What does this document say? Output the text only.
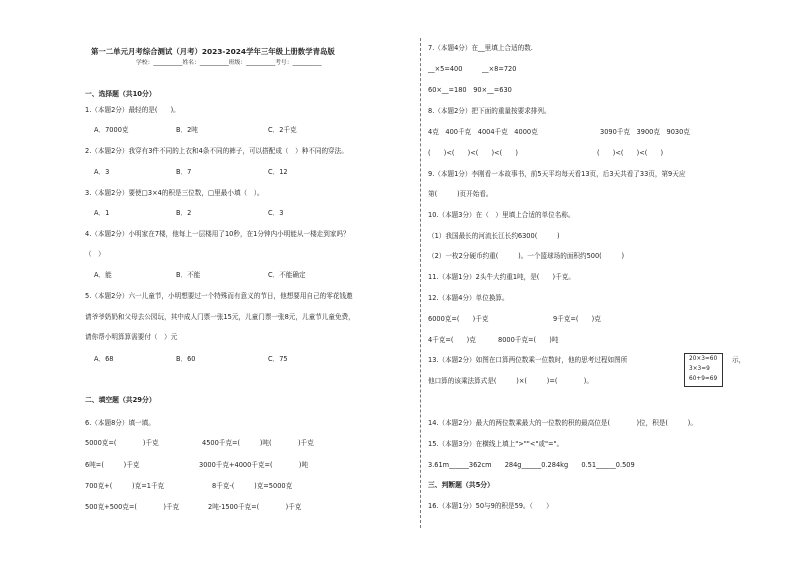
第一二单元月考综合测试（月考）2023-2024学年三年级上册数学青岛版
学校：__________姓名：__________班级：__________考号：__________
一、选择题（共10分）
1.（本题2分）最轻的是(　　)。
A．7000克	B．2吨	C．2千克
2.（本题2分）我穿有3件不同的上衣和4条不同的裤子，可以搭配成（　）种不同的穿法。
A．3	B．7	C．12
3.（本题2分）要使□3×4的积是三位数，□里最小填（　）。
A．1	B．2	C．3
4.（本题2分）小明家在7楼，他每上一层楼用了10秒，在1分钟内小明能从一楼走到家吗？
（　）
A．能	B．不能	C．不能确定
5.（本题2分）六一儿童节，小明想要过一个特殊而有意义的节日，他想要用自己的零花钱邀
请爷爷奶奶和父母去公园玩，其中成人门票一张15元，儿童门票一张8元，儿童节儿童免费，
请你帮小明算算需要付（　）元
A．68	B．60	C．75
二、填空题（共29分）
6.（本题8分）填一填。
5000克=(　　　　)千克	4500千克=(　　　)吨(　　　　)千克
6吨=(　　　)千克	3000千克+4000千克=(　　　　)吨
700克+(　　　)克=1千克	8千克-(　　　)克=5000克
500克+500克=(　　　　)千克	2吨-1500千克=(　　　　)千克
7.（本题4分）在__里填上合适的数.
__×5=400	__×8=720
60×__=180　90×__=630
8.（本题2分）把下面的重量按要求排列。
4克　400千克　4004千克　4000克	3090千克　3900克　9030克
(　　)<(　　)<(　　)<(　　)	(　　)<(　　)<(　　)
9.（本题1分）李刚看一本故事书，前5天平均每天看13页，后3天共看了33页，第9天应
第(　　　)页开始看。
10.（本题3分）在（　）里填上合适的单位名称。
（1）我国最长的河流长江长约6300(　　　)
（2）一枚2分硬币约重(　　　)。一个篮球场的面积约500(　　　)
11.（本题1分）2头牛大约重1吨，是(　　)千克。
12.（本题4分）单位换算。
6000克=(　　)千克	9千克=(　　)克
4千克=(　　)克	8000千克=(　　)吨
13.（本题2分）如图在口算两位数乘一位数时，他的思考过程如图所	示，
他口算的该乘法算式是(　　　)×(　　　)=(　　　　)。
20×3=60
3×3=9
60+9=69
14.（本题2分）最大的两位数乘最大的一位数的积的最高位是(　　　　)位，积是(　　　)。
15.（本题3分）在横线上填上">""<"或"="。
3.61m______362cm　　284g______0.284kg　　0.51______0.509
三、判断题（共5分）
16.（本题1分）50与9的积是59。（　　）
